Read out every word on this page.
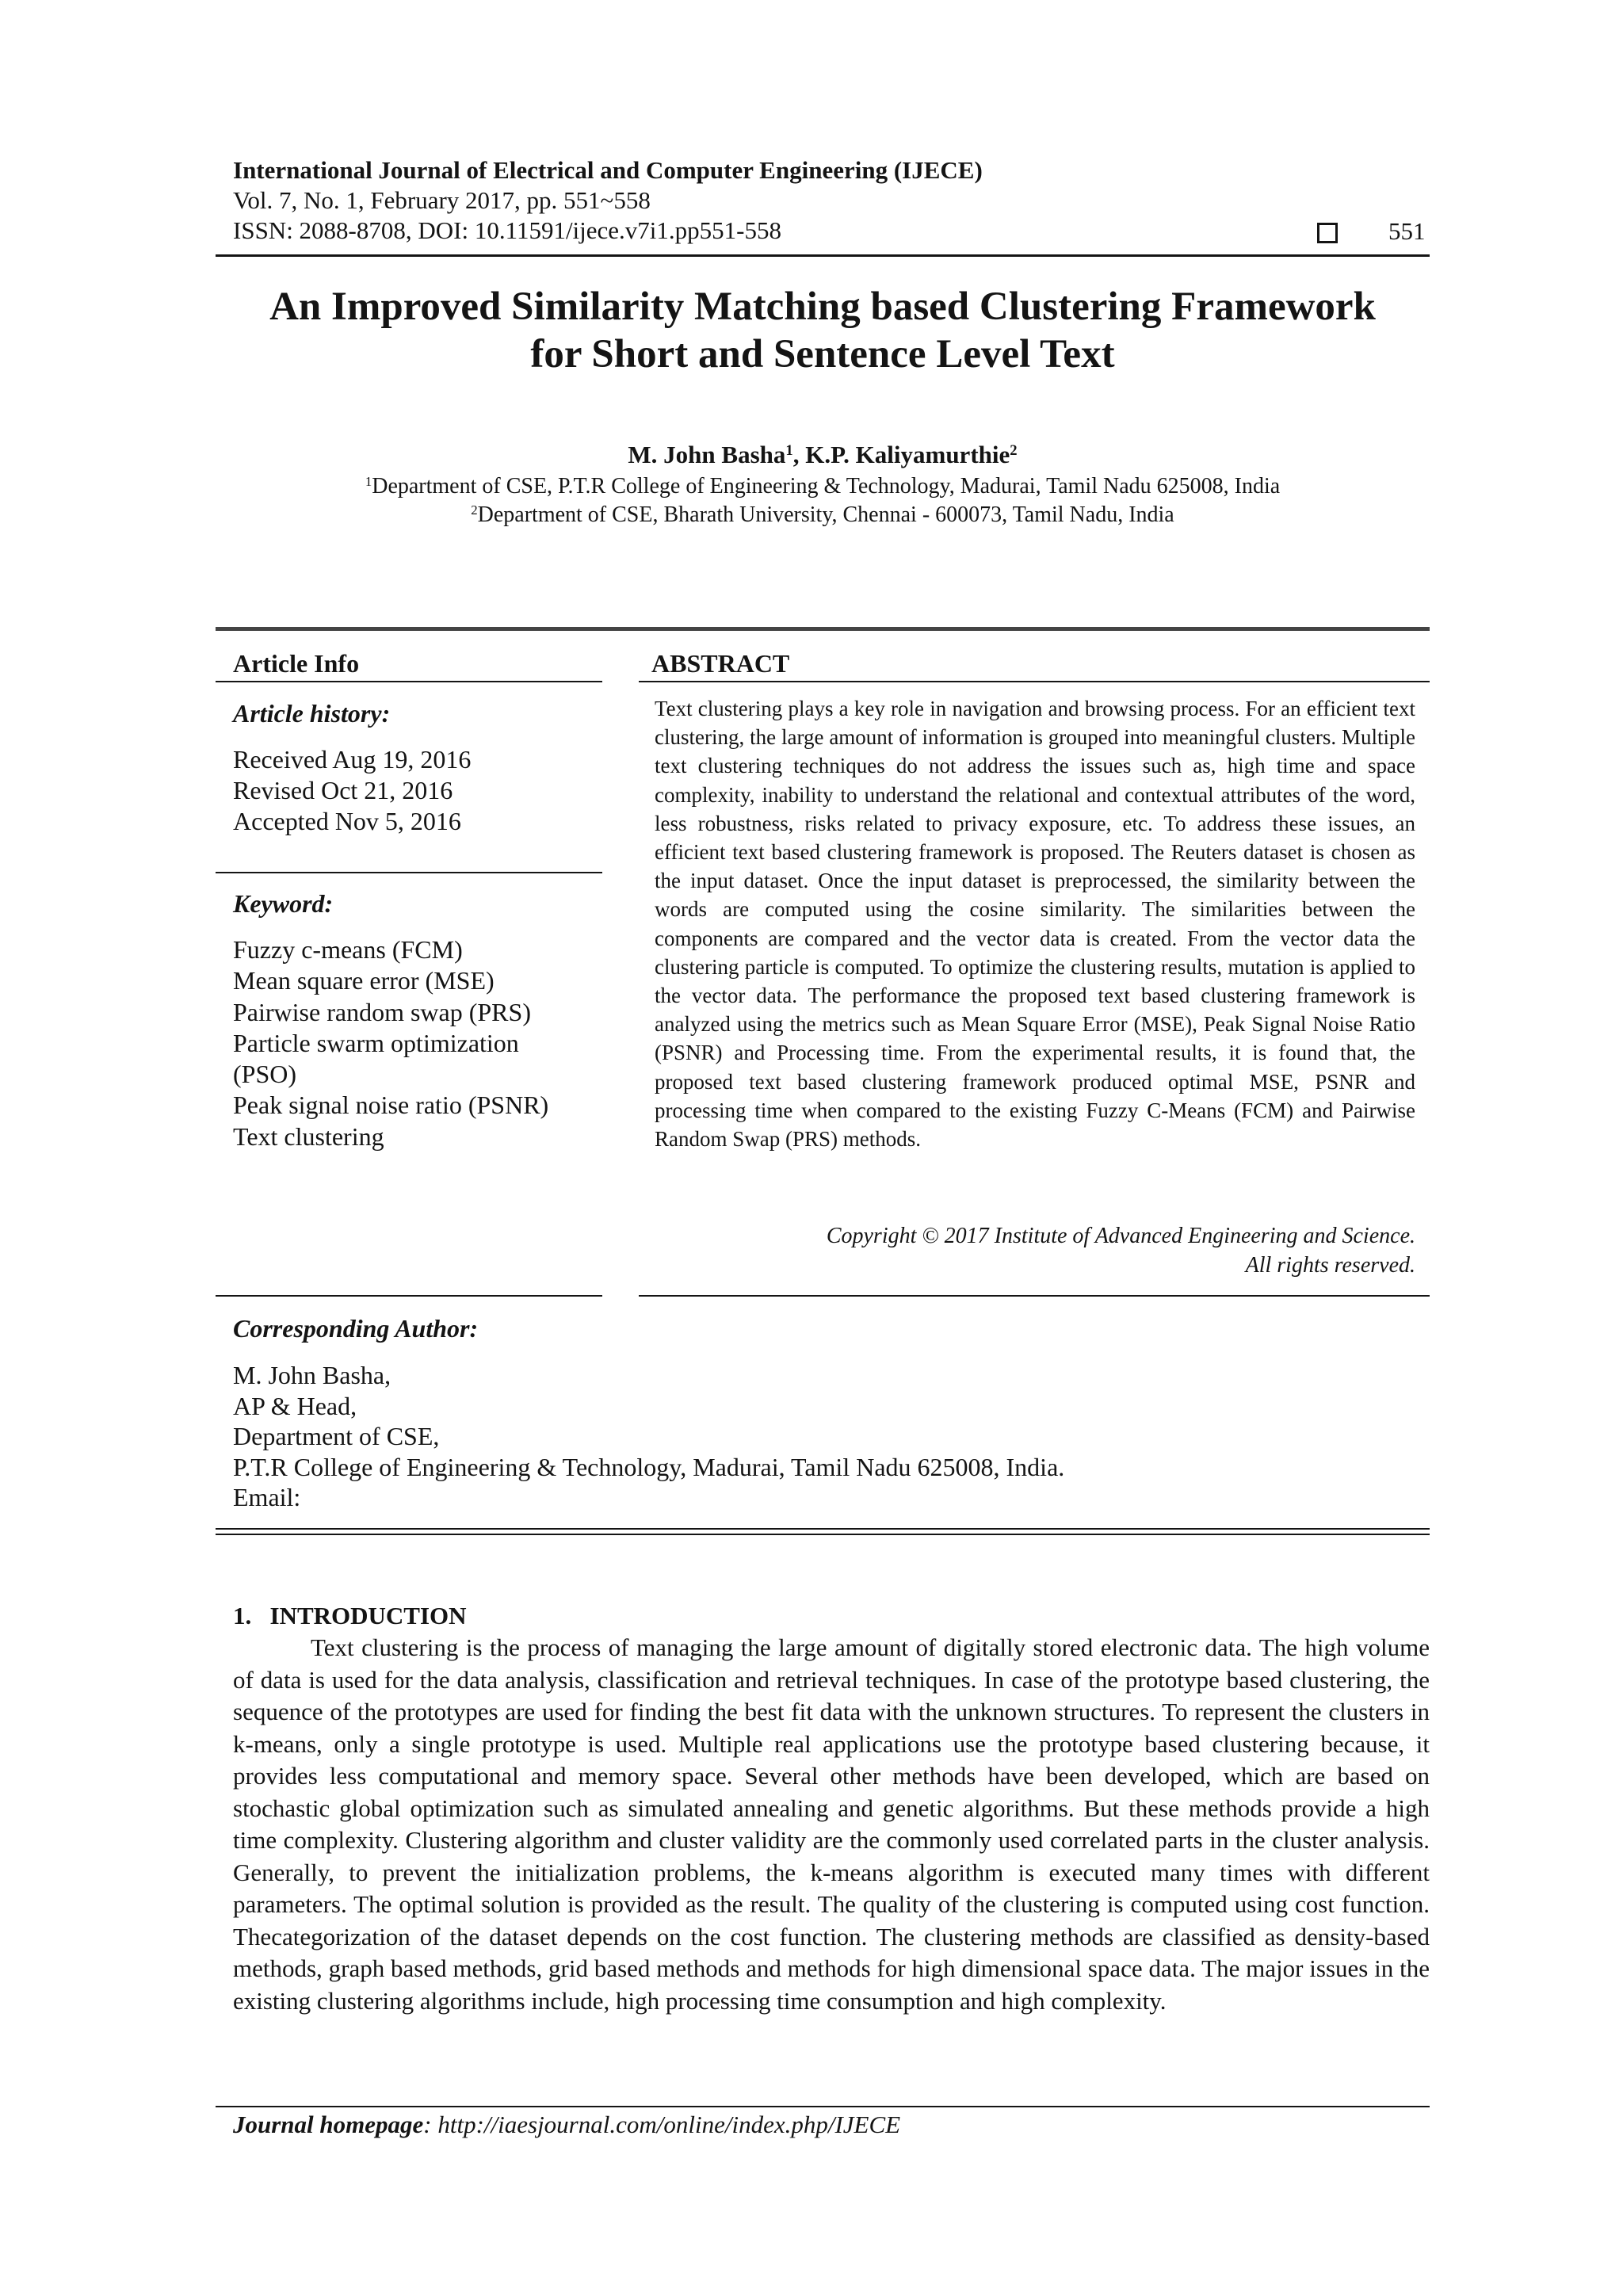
International Journal of Electrical and Computer Engineering (IJECE)
Vol. 7, No. 1, February 2017, pp. 551~558
ISSN: 2088-8708, DOI: 10.11591/ijece.v7i1.pp551-558	551
An Improved Similarity Matching based Clustering Framework
for Short and Sentence Level Text
M. John Basha$^1$, K.P. Kaliyamurthie$^2$
$^1$Department of CSE, P.T.R College of Engineering & Technology, Madurai, Tamil Nadu 625008, India
$^2$Department of CSE, Bharath University, Chennai - 600073, Tamil Nadu, India
Article Info	ABSTRACT
Article history:
Received Aug 19, 2016
Revised Oct 21, 2016
Accepted Nov 5, 2016
Keyword:
Fuzzy c-means (FCM)
Mean square error (MSE)
Pairwise random swap (PRS)
Particle swarm optimization
(PSO)
Peak signal noise ratio (PSNR)
Text clustering
Text clustering plays a key role in navigation and browsing process. For an efficient text clustering, the large amount of information is grouped into meaningful clusters. Multiple text clustering techniques do not address the issues such as, high time and space complexity, inability to understand the relational and contextual attributes of the word, less robustness, risks related to privacy exposure, etc. To address these issues, an efficient text based clustering framework is proposed. The Reuters dataset is chosen as the input dataset. Once the input dataset is preprocessed, the similarity between the words are computed using the cosine similarity. The similarities between the components are compared and the vector data is created. From the vector data the clustering particle is computed. To optimize the clustering results, mutation is applied to the vector data. The performance the proposed text based clustering framework is analyzed using the metrics such as Mean Square Error (MSE), Peak Signal Noise Ratio (PSNR) and Processing time. From the experimental results, it is found that, the proposed text based clustering framework produced optimal MSE, PSNR and processing time when compared to the existing Fuzzy C-Means (FCM) and Pairwise Random Swap (PRS) methods.
Copyright © 2017 Institute of Advanced Engineering and Science.
All rights reserved.
Corresponding Author:
M. John Basha,
AP & Head,
Department of CSE,
P.T.R College of Engineering & Technology, Madurai, Tamil Nadu 625008, India.
Email:
1.   INTRODUCTION
Text clustering is the process of managing the large amount of digitally stored electronic data. The high volume of data is used for the data analysis, classification and retrieval techniques. In case of the prototype based clustering, the sequence of the prototypes are used for finding the best fit data with the unknown structures. To represent the clusters in k-means, only a single prototype is used. Multiple real applications use the prototype based clustering because, it provides less computational and memory space. Several other methods have been developed, which are based on stochastic global optimization such as simulated annealing and genetic algorithms. But these methods provide a high time complexity. Clustering algorithm and cluster validity are the commonly used correlated parts in the cluster analysis. Generally, to prevent the initialization problems, the k-means algorithm is executed many times with different parameters. The optimal solution is provided as the result. The quality of the clustering is computed using cost function. Thecategorization of the dataset depends on the cost function. The clustering methods are classified as density-based methods, graph based methods, grid based methods and methods for high dimensional space data. The major issues in the existing clustering algorithms include, high processing time consumption and high complexity.
Journal homepage: http://iaesjournal.com/online/index.php/IJECE
